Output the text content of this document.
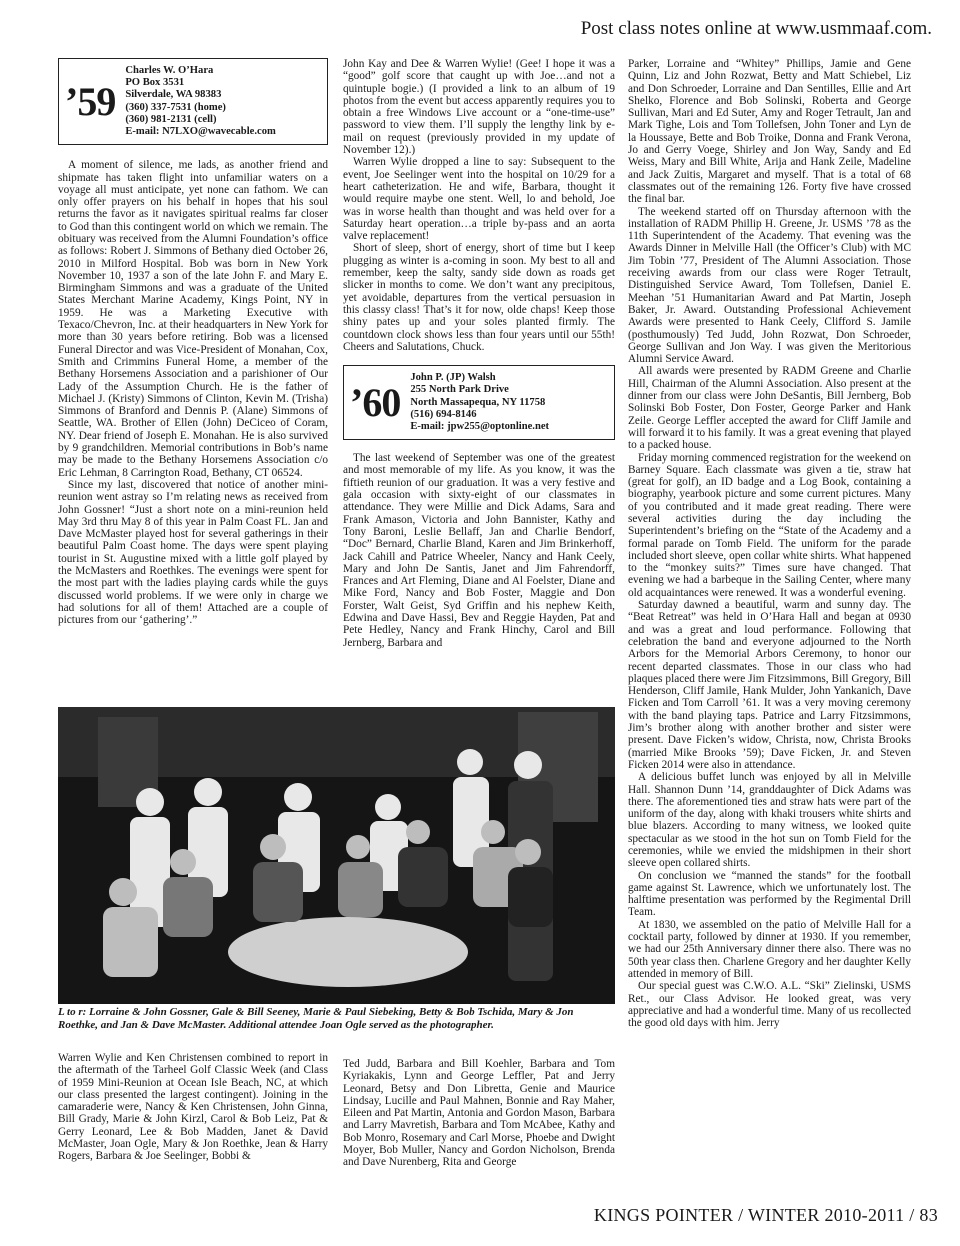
Post class notes online at www.usmmaaf.com.
’59
Charles W. O’Hara
PO Box 3531
Silverdale, WA 98383
(360) 337-7531 (home)
(360) 981-2131 (cell)
E-mail: N7LXO@wavecable.com

A moment of silence, me lads, as another friend and shipmate has taken flight into unfamiliar waters on a voyage all must anticipate, yet none can fathom. We can only offer prayers on his behalf in hopes that his soul returns the favor as it navigates spiritual realms far closer to God than this contingent world on which we remain. The obituary was received from the Alumni Foundation’s office as follows: Robert J. Simmons of Bethany died October 26, 2010 in Milford Hospital. Bob was born in New York November 10, 1937 a son of the late John F. and Mary E. Birmingham Simmons and was a graduate of the United States Merchant Marine Academy, Kings Point, NY in 1959. He was a Marketing Executive with Texaco/Chevron, Inc. at their headquarters in New York for more than 30 years before retiring. Bob was a licensed Funeral Director and was Vice-President of Monahan, Cox, Smith and Crimmins Funeral Home, a member of the Bethany Horsemens Association and a parishioner of Our Lady of the Assumption Church. He is the father of Michael J. (Kristy) Simmons of Clinton, Kevin M. (Trisha) Simmons of Branford and Dennis P. (Alane) Simmons of Seattle, WA. Brother of Ellen (John) DeCiceo of Coram, NY. Dear friend of Joseph E. Monahan. He is also survived by 9 grandchildren. Memorial contributions in Bob’s name may be made to the Bethany Horsemens Association c/o Eric Lehman, 8 Carrington Road, Bethany, CT 06524.

Since my last, discovered that notice of another mini-reunion went astray so I’m relating news as received from John Gossner! “Just a short note on a mini-reunion held May 3rd thru May 8 of this year in Palm Coast FL. Jan and Dave McMaster played host for several gatherings in their beautiful Palm Coast home. The days were spent playing tourist in St. Augustine mixed with a little golf played by the McMasters and Roethkes. The evenings were spent for the most part with the ladies playing cards while the guys discussed world problems. If we were only in charge we had solutions for all of them! Attached are a couple of pictures from our ‘gathering’.”

John Kay and Dee & Warren Wylie! (Gee! I hope it was a “good” golf score that caught up with Joe…and not a quintuple bogie.) (I provided a link to an album of 19 photos from the event but access apparently requires you to obtain a free Windows Live account or a “one-time-use” password to view them. I’ll supply the lengthy link by e-mail on request (previously provided in my update of November 12).)

Warren Wylie dropped a line to say: Subsequent to the event, Joe Seelinger went into the hospital on 10/29 for a heart catheterization. He and wife, Barbara, thought it would require maybe one stent. Well, lo and behold, Joe was in worse health than thought and was held over for a Saturday heart operation…a triple by-pass and an aorta valve replacement!

Short of sleep, short of energy, short of time but I keep plugging as winter is a-coming in soon. My best to all and remember, keep the salty, sandy side down as roads get slicker in months to come. We don’t want any precipitous, yet avoidable, departures from the vertical persuasion in this classy class! That’s it for now, olde chaps! Keep those shiny pates up and your soles planted firmly. The countdown clock shows less than four years until our 55th! Cheers and Salutations, Chuck.

’60
John P. (JP) Walsh
255 North Park Drive
North Massapequa, NY 11758
(516) 694-8146
E-mail: jpw255@optonline.net

The last weekend of September was one of the greatest and most memorable of my life. As you know, it was the fiftieth reunion of our graduation. It was a very festive and gala occasion with sixty-eight of our classmates in attendance. They were Millie and Dick Adams, Sara and Frank Amason, Victoria and John Bannister, Kathy and Tony Baroni, Leslie Bellaff, Jan and Charlie Bendorf, “Doc” Bernard, Charlie Bland, Karen and Jim Brinkerhoff, Jack Cahill and Patrice Wheeler, Nancy and Hank Ceely, Mary and John De Santis, Janet and Jim Fahrendorff, Frances and Art Fleming, Diane and Al Foelster, Diane and Mike Ford, Nancy and Bob Foster, Maggie and Don Forster, Walt Geist, Syd Griffin and his nephew Keith, Edwina and Dave Hassi, Bev and Reggie Hayden, Pat and Pete Hedley, Nancy and Frank Hinchy, Carol and Bill Jernberg, Barbara and

Parker, Lorraine and “Whitey” Phillips, Jamie and Gene Quinn, Liz and John Rozwat, Betty and Matt Schiebel, Liz and Don Schroeder, Lorraine and Dan Sentilles, Ellie and Art Shelko, Florence and Bob Solinski, Roberta and George Sullivan, Mari and Ed Suter, Amy and Roger Tetrault, Jan and Mark Tighe, Lois and Tom Tollefsen, John Toner and Lyn de la Houssaye, Bette and Bob Troike, Donna and Frank Verona, Jo and Gerry Voege, Shirley and Jon Way, Sandy and Ed Weiss, Mary and Bill White, Arija and Hank Zeile, Madeline and Jack Zuitis, Margaret and myself. That is a total of 68 classmates out of the remaining 126. Forty five have crossed the final bar.

The weekend started off on Thursday afternoon with the installation of RADM Phillip H. Greene, Jr. USMS ’78 as the 11th Superintendent of the Academy. That evening was the Awards Dinner in Melville Hall (the Officer’s Club) with MC Jim Tobin ’77, President of The Alumni Association. Those receiving awards from our class were Roger Tetrault, Distinguished Service Award, Tom Tollefsen, Daniel E. Meehan ’51 Humanitarian Award and Pat Martin, Joseph Baker, Jr. Award. Outstanding Professional Achievement Awards were presented to Hank Ceely, Clifford S. Jamile (posthumously) Ted Judd, John Rozwat, Don Schroeder, George Sullivan and Jon Way. I was given the Meritorious Alumni Service Award.

All awards were presented by RADM Greene and Charlie Hill, Chairman of the Alumni Association. Also present at the dinner from our class were John DeSantis, Bill Jernberg, Bob Solinski Bob Foster, Don Foster, George Parker and Hank Zeile. George Leffler accepted the award for Cliff Jamile and will forward it to his family. It was a great evening that played to a packed house.

Friday morning commenced registration for the weekend on Barney Square. Each classmate was given a tie, straw hat (great for golf), an ID badge and a Log Book, containing a biography, yearbook picture and some current pictures. Many of you contributed and it made great reading. There were several activities during the day including the Superintendent’s briefing on the “State of the Academy and a formal parade on Tomb Field. The uniform for the parade included short sleeve, open collar white shirts. What happened to the “monkey suits?” Times sure have changed. That evening we had a barbeque in the Sailing Center, where many old acquaintances were renewed. It was a wonderful evening.

Saturday dawned a beautiful, warm and sunny day. The “Beat Retreat” was held in O’Hara Hall and began at 0930 and was a great and loud performance. Following that celebration the band and everyone adjourned to the North Arbors for the Memorial Arbors Ceremony, to honor our recent departed classmates. Those in our class who had plaques placed there were Jim Fitzsimmons, Bill Gregory, Bill Henderson, Cliff Jamile, Hank Mulder, John Yankanich, Dave Ficken and Tom Carroll ’61. It was a very moving ceremony with the band playing taps. Patrice and Larry Fitzsimmons, Jim’s brother along with another brother and sister were present. Dave Ficken’s widow, Christa, now, Christa Brooks (married Mike Brooks ’59); Dave Ficken, Jr. and Steven Ficken 2014 were also in attendance.

A delicious buffet lunch was enjoyed by all in Melville Hall. Shannon Dunn ’14, granddaughter of Dick Adams was there. The aforementioned ties and straw hats were part of the uniform of the day, along with khaki trousers white shirts and blue blazers. According to many witness, we looked quite spectacular as we stood in the hot sun on Tomb Field for the ceremonies, while we envied the midshipmen in their short sleeve open collared shirts.

On conclusion we “manned the stands” for the football game against St. Lawrence, which we unfortunately lost. The halftime presentation was performed by the Regimental Drill Team.

At 1830, we assembled on the patio of Melville Hall for a cocktail party, followed by dinner at 1930. If you remember, we had our 25th Anniversary dinner there also. There was no 50th year class then. Charlene Gregory and her daughter Kelly attended in memory of Bill.

Our special guest was C.W.O. A.L. “Ski” Zielinski, USMS Ret., our Class Advisor. He looked great, was very appreciative and had a wonderful time. Many of us recollected the good old days with him. Jerry

L to r: Lorraine & John Gossner, Gale & Bill Seeney, Marie & Paul Siebeking, Betty & Bob Tschida, Mary & Jon Roethke, and Jan & Dave McMaster. Additional attendee Joan Ogle served as the photographer.

Warren Wylie and Ken Christensen combined to report in the aftermath of the Tarheel Golf Classic Week (and Class of 1959 Mini-Reunion at Ocean Isle Beach, NC, at which our class presented the largest contingent). Joining in the camaraderie were, Nancy & Ken Christensen, John Ginna, Bill Grady, Marie & John Kirzl, Carol & Bob Leiz, Pat & Gerry Leonard, Lee & Bob Madden, Janet & David McMaster, Joan Ogle, Mary & Jon Roethke, Jean & Harry Rogers, Barbara & Joe Seelinger, Bobbi &

Ted Judd, Barbara and Bill Koehler, Barbara and Tom Kyriakakis, Lynn and George Leffler, Pat and Jerry Leonard, Betsy and Don Libretta, Genie and Maurice Lindsay, Lucille and Paul Mahnen, Bonnie and Ray Maher, Eileen and Pat Martin, Antonia and Gordon Mason, Barbara and Larry Mavretish, Barbara and Tom McAbee, Kathy and Bob Monro, Rosemary and Carl Morse, Phoebe and Dwight Moyer, Bob Muller, Nancy and Gordon Nicholson, Brenda and Dave Nurenberg, Rita and George

KINGS POINTER / WINTER 2010-2011 / 83
